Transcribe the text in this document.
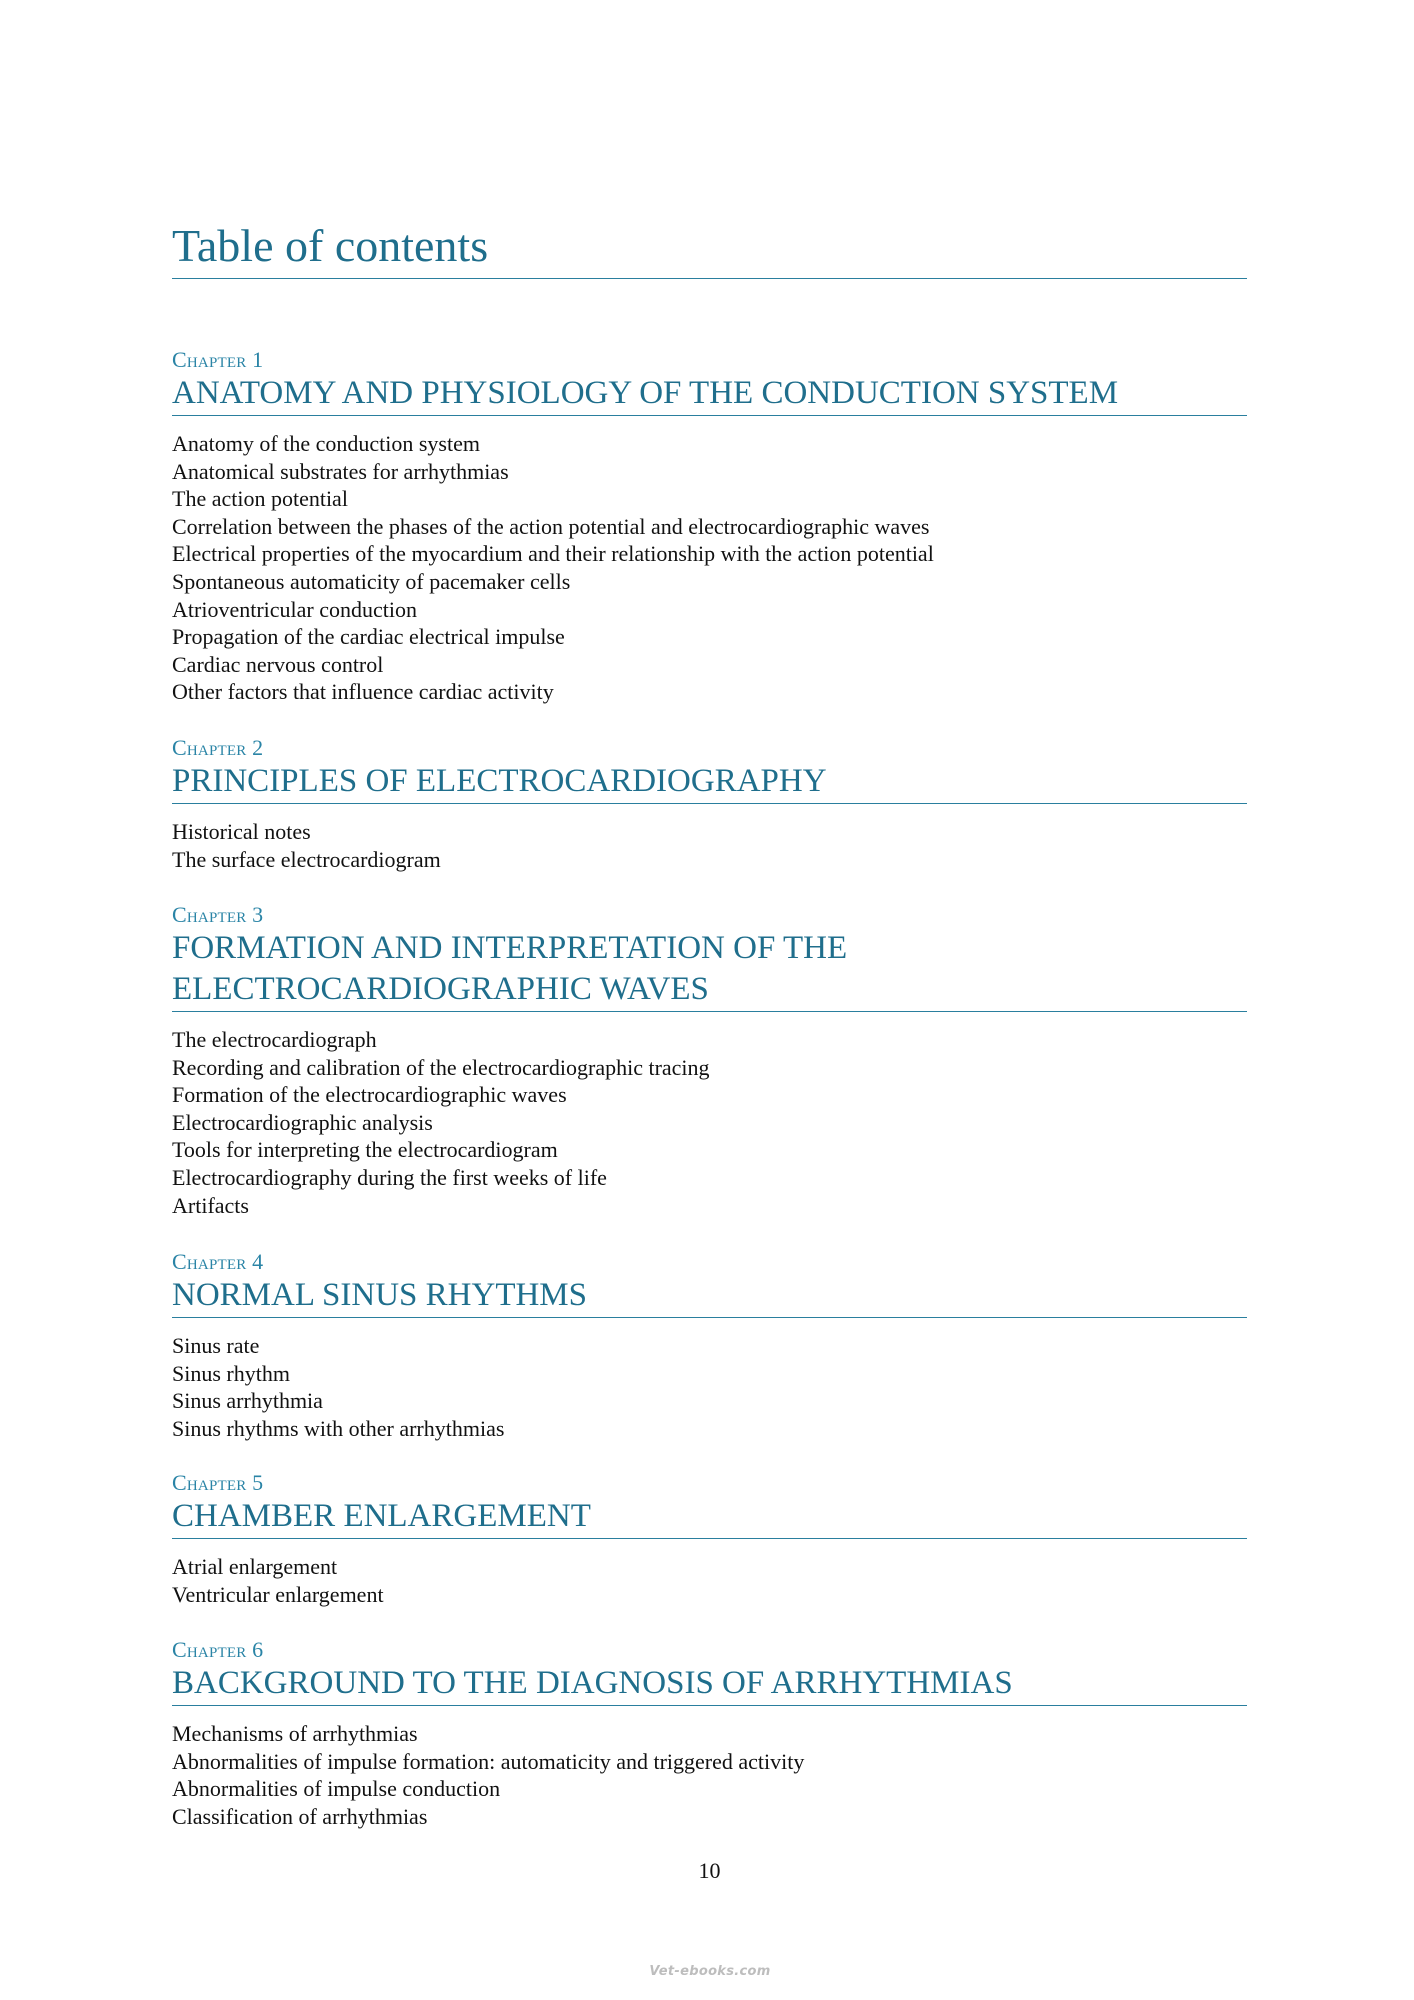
Table of contents
Chapter 1
ANATOMY AND PHYSIOLOGY OF THE CONDUCTION SYSTEM
Anatomy of the conduction system
Anatomical substrates for arrhythmias
The action potential
Correlation between the phases of the action potential and electrocardiographic waves
Electrical properties of the myocardium and their relationship with the action potential
Spontaneous automaticity of pacemaker cells
Atrioventricular conduction
Propagation of the cardiac electrical impulse
Cardiac nervous control
Other factors that influence cardiac activity
Chapter 2
PRINCIPLES OF ELECTROCARDIOGRAPHY
Historical notes
The surface electrocardiogram
Chapter 3
FORMATION AND INTERPRETATION OF THE
ELECTROCARDIOGRAPHIC WAVES
The electrocardiograph
Recording and calibration of the electrocardiographic tracing
Formation of the electrocardiographic waves
Electrocardiographic analysis
Tools for interpreting the electrocardiogram
Electrocardiography during the first weeks of life
Artifacts
Chapter 4
NORMAL SINUS RHYTHMS
Sinus rate
Sinus rhythm
Sinus arrhythmia
Sinus rhythms with other arrhythmias
Chapter 5
CHAMBER ENLARGEMENT
Atrial enlargement
Ventricular enlargement
Chapter 6
BACKGROUND TO THE DIAGNOSIS OF ARRHYTHMIAS
Mechanisms of arrhythmias
Abnormalities of impulse formation: automaticity and triggered activity
Abnormalities of impulse conduction
Classification of arrhythmias
10
Vet-ebooks.com
